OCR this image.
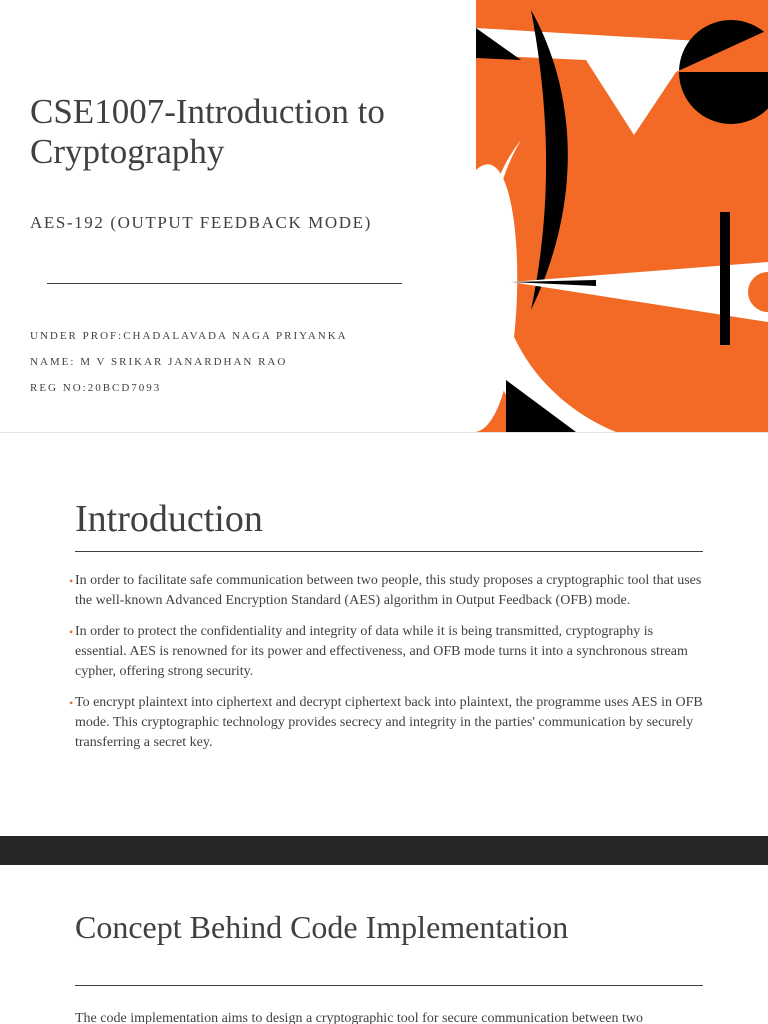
CSE1007-Introduction to Cryptography
AES-192 (OUTPUT FEEDBACK MODE)
UNDER PROF:CHADALAVADA NAGA PRIYANKA
NAME: M V SRIKAR JANARDHAN RAO
REG NO:20BCD7093
Introduction
• In order to facilitate safe communication between two people, this study proposes a cryptographic tool that uses the well-known Advanced Encryption Standard (AES) algorithm in Output Feedback (OFB) mode.
• In order to protect the confidentiality and integrity of data while it is being transmitted, cryptography is essential. AES is renowned for its power and effectiveness, and OFB mode turns it into a synchronous stream cypher, offering strong security.
• To encrypt plaintext into ciphertext and decrypt ciphertext back into plaintext, the programme uses AES in OFB mode. This cryptographic technology provides secrecy and integrity in the parties' communication by securely transferring a secret key.
Concept Behind Code Implementation
The code implementation aims to design a cryptographic tool for secure communication between two
